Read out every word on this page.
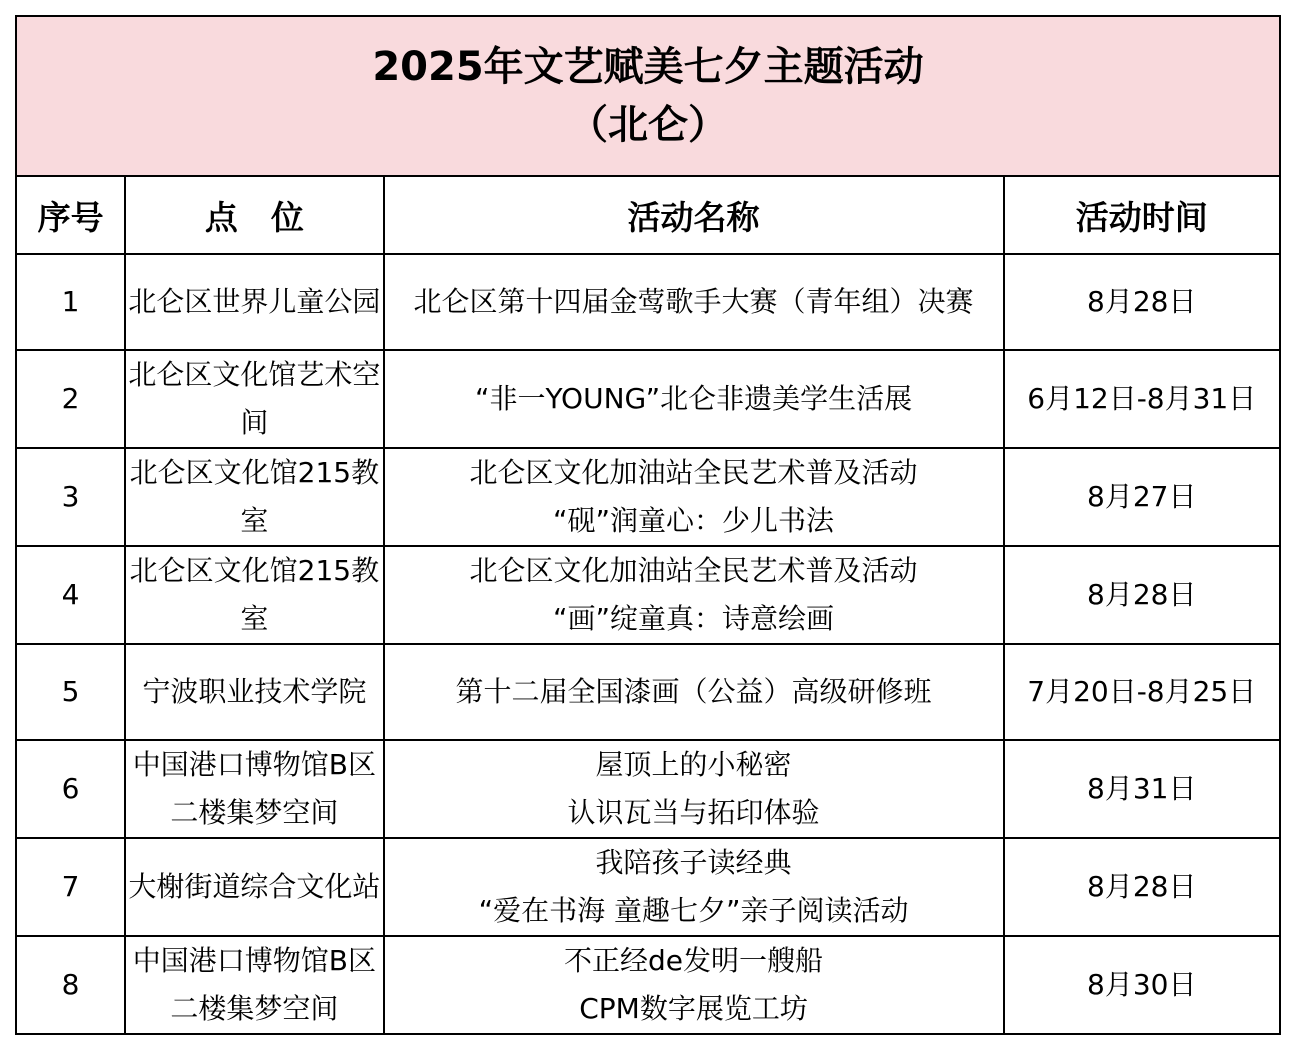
2025年文艺赋美七夕主题活动
（北仑）			

序号	点　位	活动名称	活动时间
1	北仑区世界儿童公园	北仑区第十四届金莺歌手大赛（青年组）决赛	8月28日
2	北仑区文化馆艺术空间	“非一YOUNG”北仑非遗美学生活展	6月12日-8月31日
3	北仑区文化馆215教室	北仑区文化加油站全民艺术普及活动
“砚”润童心：少儿书法	8月27日
4	北仑区文化馆215教室	北仑区文化加油站全民艺术普及活动
“画”绽童真：诗意绘画	8月28日
5	宁波职业技术学院	第十二届全国漆画（公益）高级研修班	7月20日-8月25日
6	中国港口博物馆B区二楼集梦空间	屋顶上的小秘密
认识瓦当与拓印体验	8月31日
7	大榭街道综合文化站	我陪孩子读经典
“爱在书海 童趣七夕”亲子阅读活动	8月28日
8	中国港口博物馆B区二楼集梦空间	不正经de发明一艘船
CPM数字展览工坊	8月30日
